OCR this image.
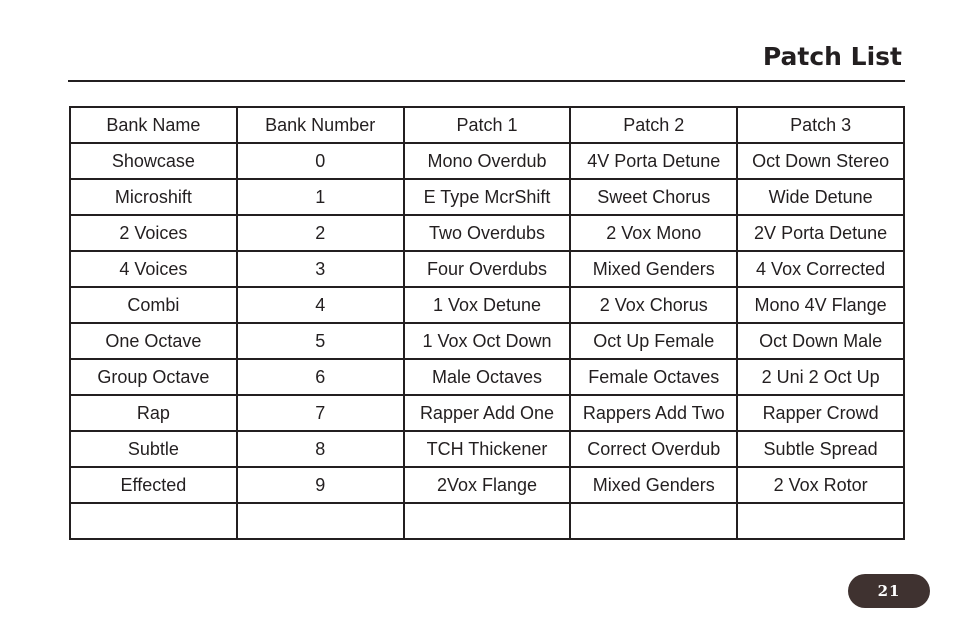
Patch List
Bank Name	Bank Number	Patch 1	Patch 2	Patch 3
Showcase	0	Mono Overdub	4V Porta Detune	Oct Down Stereo
Microshift	1	E Type McrShift	Sweet Chorus	Wide Detune
2 Voices	2	Two Overdubs	2 Vox Mono	2V Porta Detune
4 Voices	3	Four Overdubs	Mixed Genders	4 Vox Corrected
Combi	4	1 Vox Detune	2 Vox Chorus	Mono 4V Flange
One Octave	5	1 Vox Oct Down	Oct Up Female	Oct Down Male
Group Octave	6	Male Octaves	Female Octaves	2 Uni 2 Oct Up
Rap	7	Rapper Add One	Rappers Add Two	Rapper Crowd
Subtle	8	TCH Thickener	Correct Overdub	Subtle Spread
Effected	9	2Vox Flange	Mixed Genders	2 Vox Rotor

21
